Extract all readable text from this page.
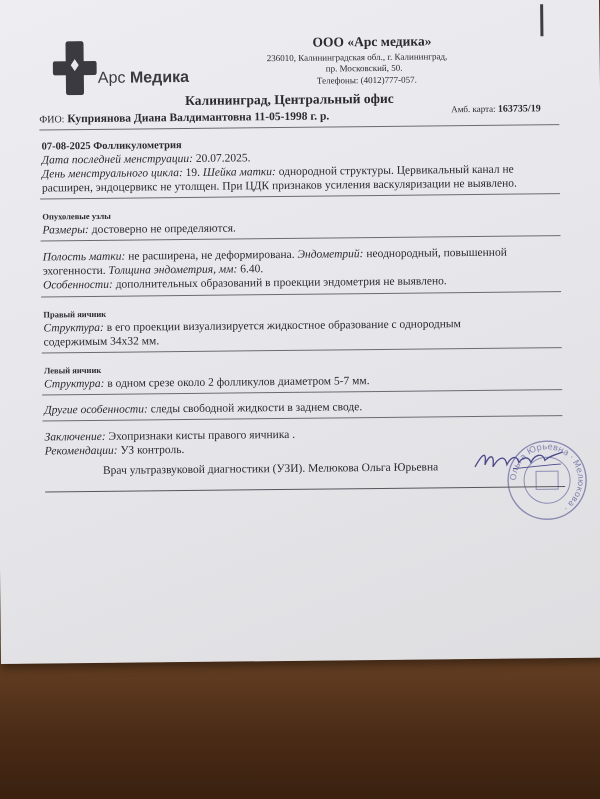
Арс Медика
ООО «Арс медика»
236010, Калининградская обл., г. Калининград,
пр. Московский, 50.
Телефоны: (4012)777-057.
Калининград, Центральный офис
ФИО: Куприянова Диана Валдимантовна 11-05-1998 г. р.
Амб. карта: 163735/19
07-08-2025 Фолликулометрия
Дата последней менструации: 20.07.2025.
День менструального цикла: 19. Шейка матки: однородной структуры. Цервикальный канал не
расширен, эндоцервикс не утолщен. При ЦДК признаков усиления васкуляризации не выявлено.
Опухолевые узлы
Размеры: достоверно не определяются.
Полость матки: не расширена, не деформирована. Эндометрий: неоднородный, повышенной
эхогенности. Толщина эндометрия, мм: 6.40.
Особенности: дополнительных образований в проекции эндометрия не выявлено.
Правый яичник
Структура: в его проекции визуализируется жидкостное образование с однородным
содержимым 34x32 мм.
Левый яичник
Структура: в одном срезе около 2 фолликулов диаметром 5-7 мм.
Другие особенности: следы свободной жидкости в заднем своде.
Заключение: Эхопризнаки кисты правого яичника .
Рекомендации: УЗ контроль.
Врач ультразвуковой диагностики (УЗИ). Мелюкова Ольга Юрьевна
Ольга Юрьевна · Мелюкова ·
